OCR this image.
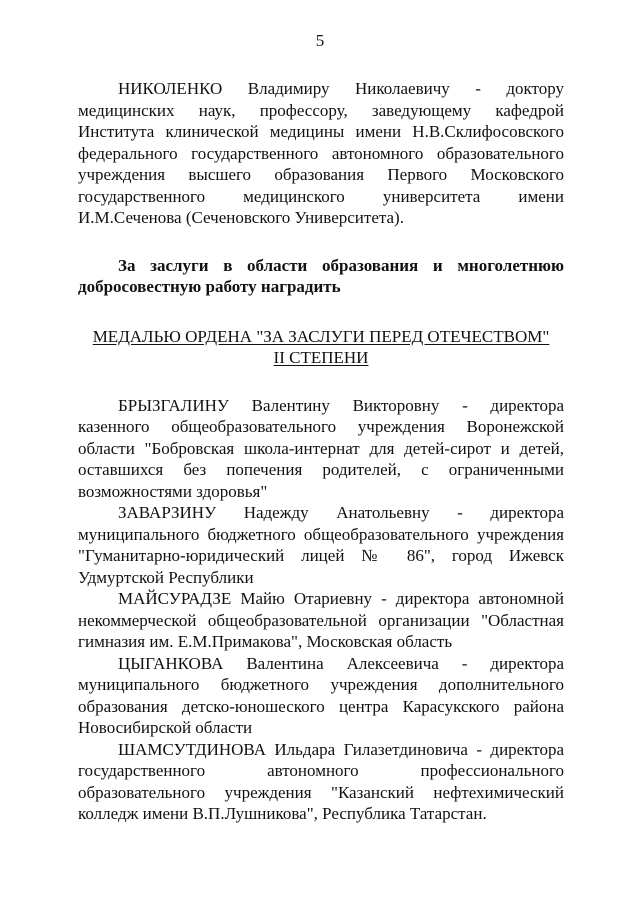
5

НИКОЛЕНКО Владимиру Николаевичу - доктору медицинских наук, профессору, заведующему кафедрой Института клинической медицины имени Н.В.Склифосовского федерального государственного автономного образовательного учреждения высшего образования Первого Московского государственного медицинского университета имени И.М.Сеченова (Сеченовского Университета).

За заслуги в области образования и многолетнюю добросовестную работу наградить

МЕДАЛЬЮ ОРДЕНА "ЗА ЗАСЛУГИ ПЕРЕД ОТЕЧЕСТВОМ"
II СТЕПЕНИ

БРЫЗГАЛИНУ Валентину Викторовну - директора казенного общеобразовательного учреждения Воронежской области "Бобровская школа-интернат для детей-сирот и детей, оставшихся без попечения родителей, с ограниченными возможностями здоровья"

ЗАВАРЗИНУ Надежду Анатольевну - директора муниципального бюджетного общеобразовательного учреждения "Гуманитарно-юридический лицей № 86", город Ижевск Удмуртской Республики

МАЙСУРАДЗЕ Майю Отариевну - директора автономной некоммерческой общеобразовательной организации "Областная гимназия им. Е.М.Примакова", Московская область

ЦЫГАНКОВА Валентина Алексеевича - директора муниципального бюджетного учреждения дополнительного образования детско-юношеского центра Карасукского района Новосибирской области

ШАМСУТДИНОВА Ильдара Гилазетдиновича - директора государственного автономного профессионального образовательного учреждения "Казанский нефтехимический колледж имени В.П.Лушникова", Республика Татарстан.
